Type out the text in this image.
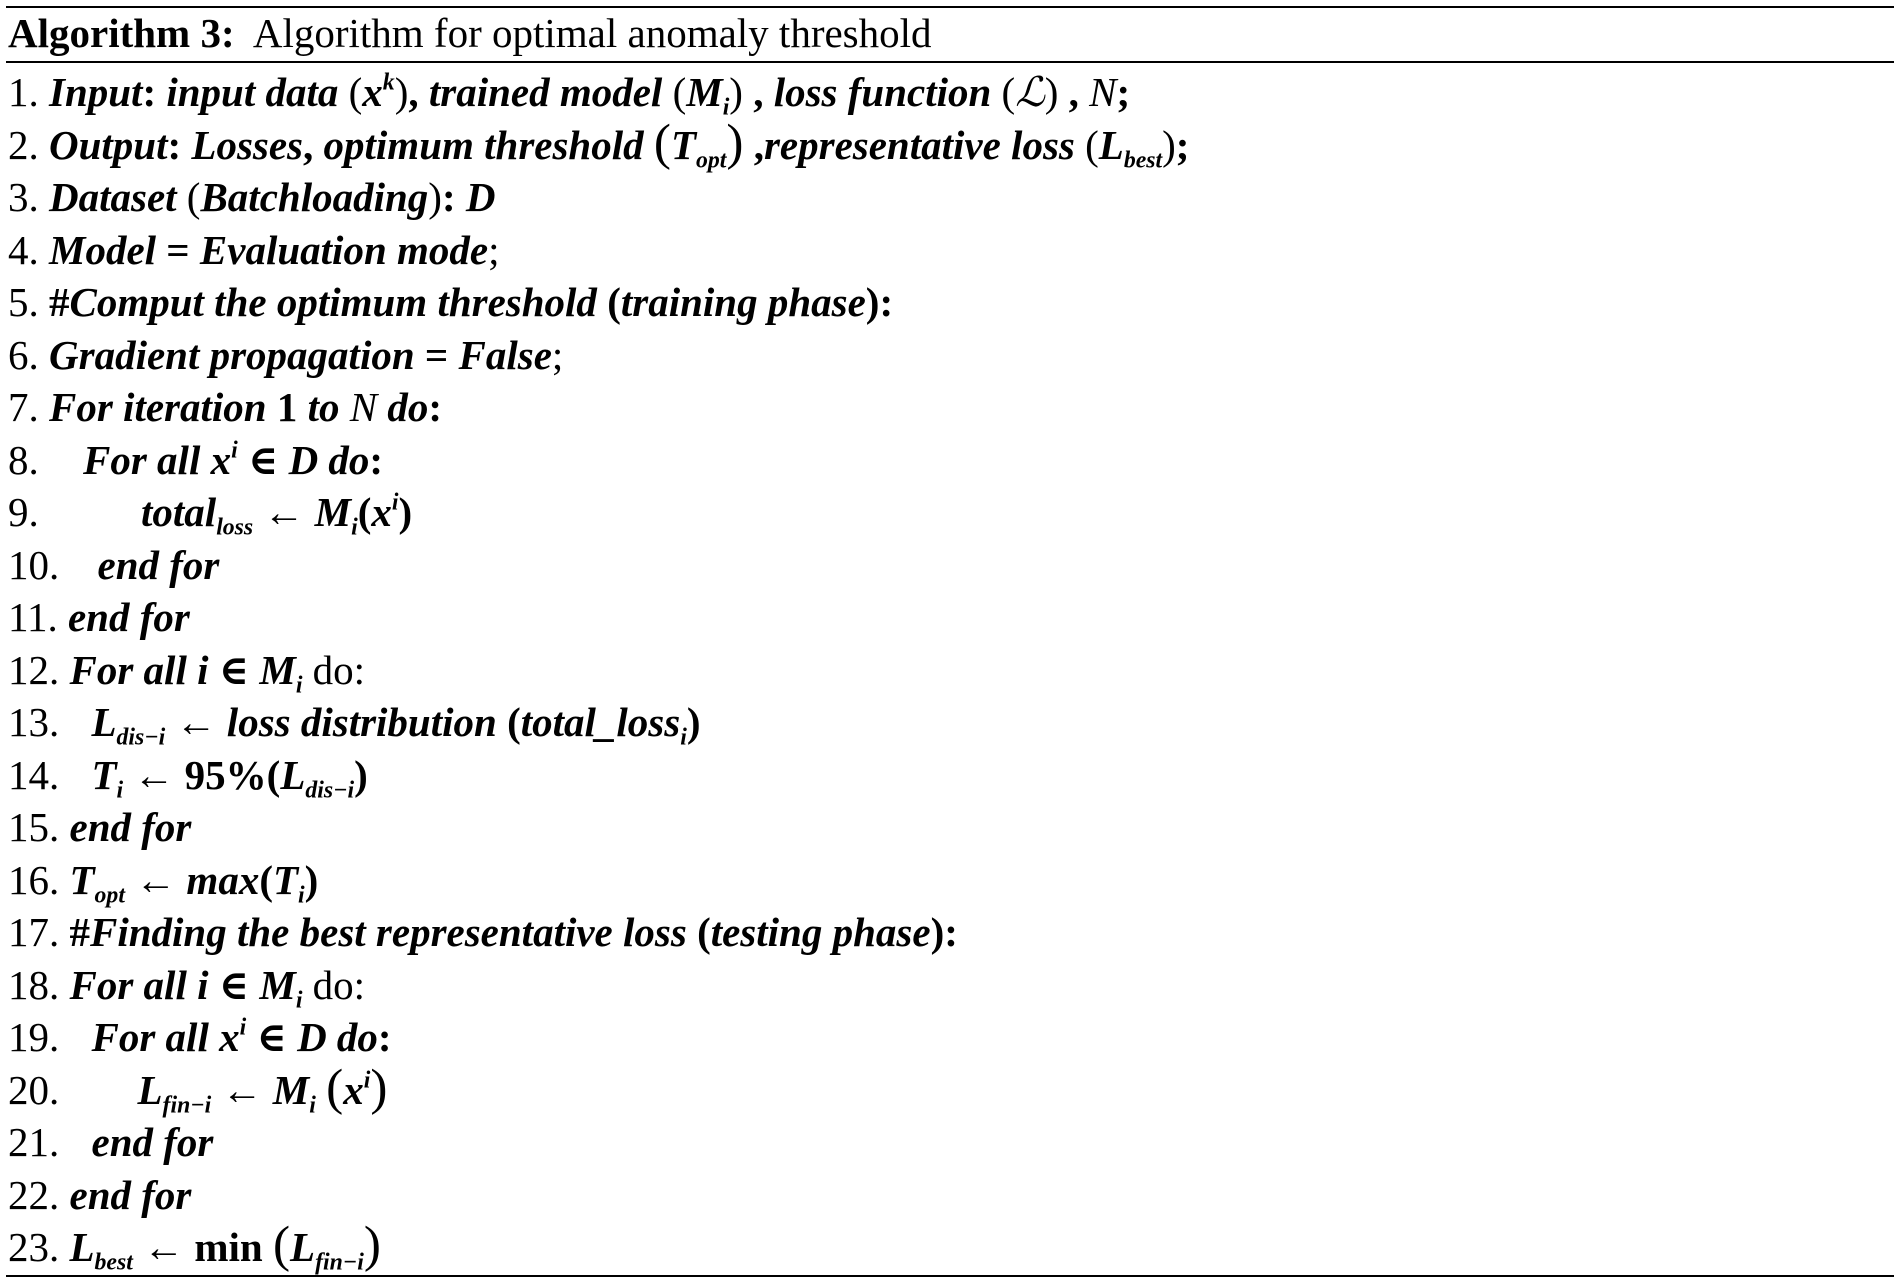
Algorithm 3: Algorithm for optimal anomaly threshold
1. Input: input data $(x^k)$, trained model $(M_i)$ , loss function (ℒ) , N;
2. Output: Losses, optimum threshold $(T_{opt})$ ,representative loss $(L_{best})$;
3. Dataset (Batchloading): D
4. Model = Evaluation mode;
5. #Comput the optimum threshold (training phase):
6. Gradient propagation = False;
7. For iteration 1 to N do:
8. For all $x^i$ ∈ D do:
9. total$_{loss}$ ← $M_i(x^i)$
10. end for
11. end for
12. For all i ∈ $M_i$ do:
13. $L_{dis-i}$ ← loss distribution (total_loss$_i$)
14. $T_i$ ← $95\%(L_{dis-i})$
15. end for
16. $T_{opt}$ ← $\max(T_i)$
17. #Finding the best representative loss (testing phase):
18. For all i ∈ $M_i$ do:
19. For all $x^i$ ∈ D do:
20. $L_{fin-i}$ ← $M_i$ $(x^i)$
21. end for
22. end for
23. $L_{best}$ ← $\min (L_{fin-i})$
